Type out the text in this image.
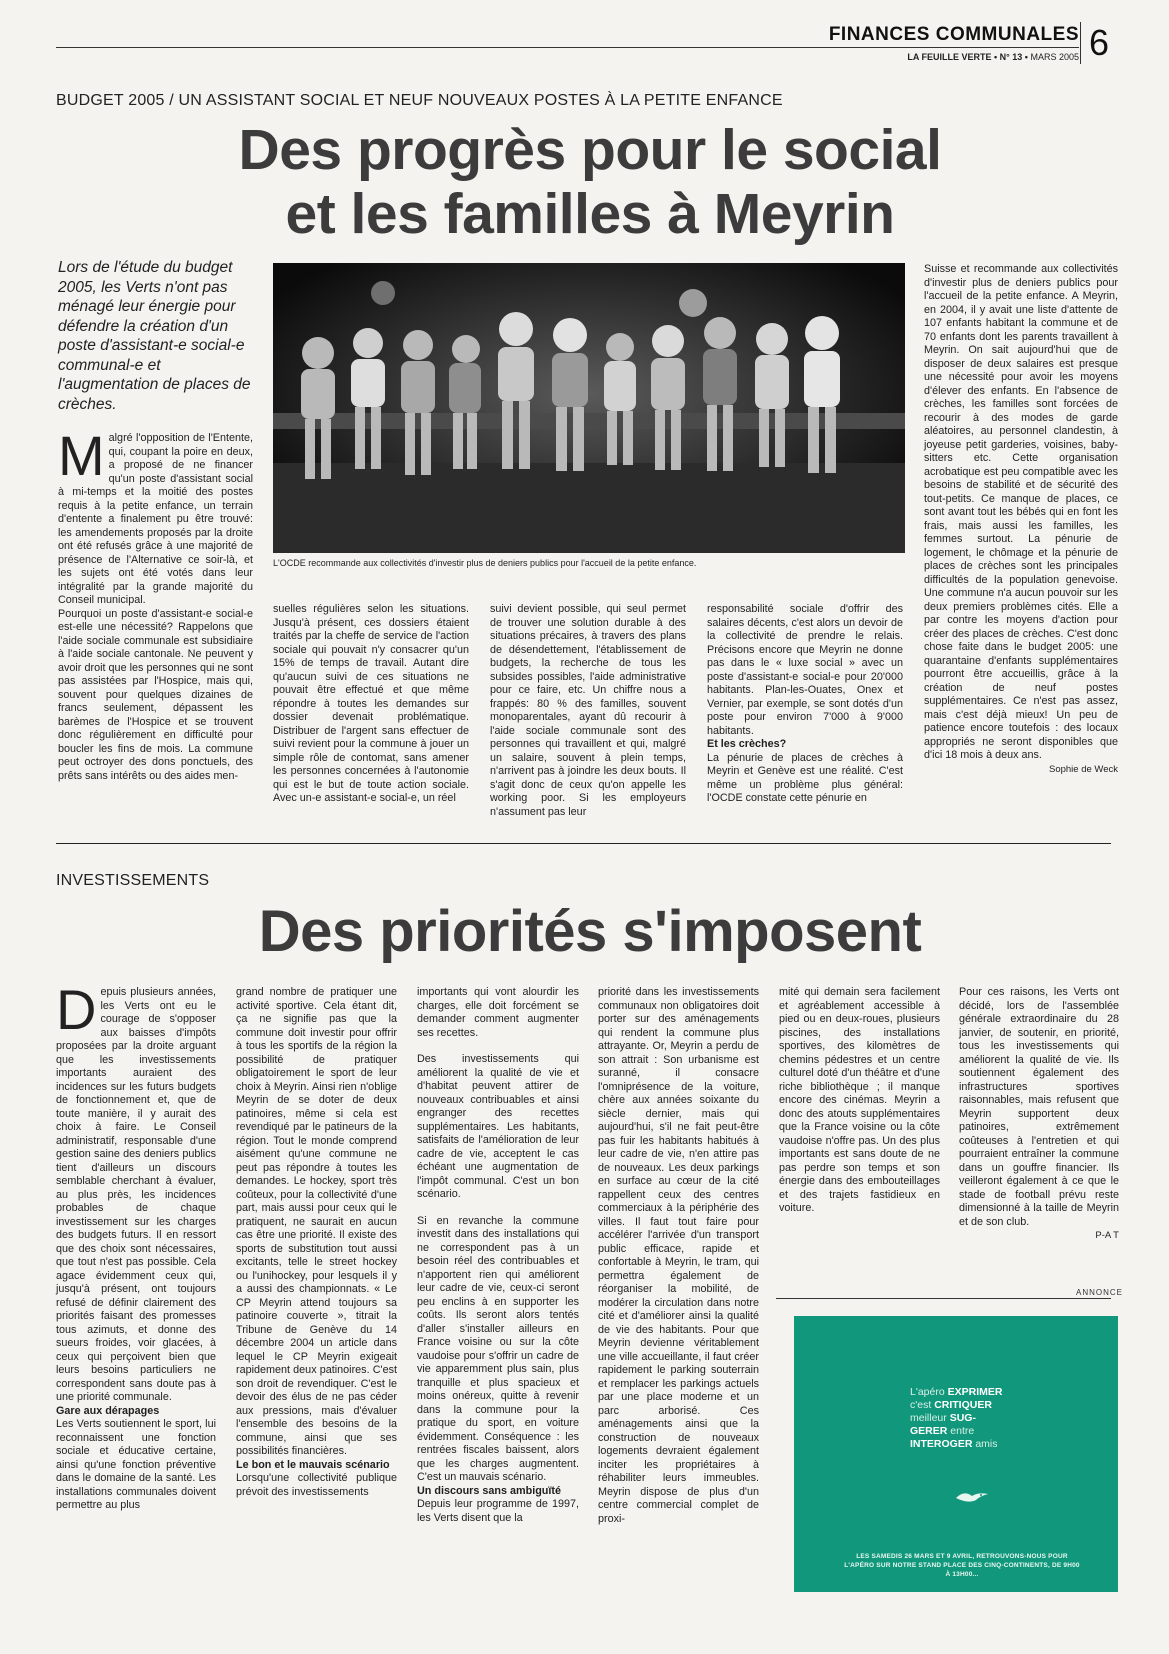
FINANCES COMMUNALES
LA FEUILLE VERTE • N° 13 • MARS 2005 6
BUDGET 2005 / UN ASSISTANT SOCIAL ET NEUF NOUVEAUX POSTES À LA PETITE ENFANCE
Des progrès pour le social
et les familles à Meyrin
Lors de l'étude du budget 2005, les Verts n'ont pas ménagé leur énergie pour défendre la création d'un poste d'assistant-e social-e communal-e et l'augmentation de places de crèches.
L'OCDE recommande aux collectivités d'investir plus de deniers publics pour l'accueil de la petite enfance.

Malgré l'opposition de l'Entente, qui, coupant la poire en deux, a proposé de ne financer qu'un poste d'assistant social à mi-temps et la moitié des postes requis à la petite enfance, un terrain d'entente a finalement pu être trouvé: les amendements proposés par la droite ont été refusés grâce à une majorité de présence de l'Alternative ce soir-là, et les sujets ont été votés dans leur intégralité par la grande majorité du Conseil municipal.

Pourquoi un poste d'assistant-e social-e est-elle une nécessité? Rappelons que l'aide sociale communale est subsidiaire à l'aide sociale cantonale. Ne peuvent y avoir droit que les personnes qui ne sont pas assistées par l'Hospice, mais qui, souvent pour quelques dizaines de francs seulement, dépassent les barèmes de l'Hospice et se trouvent donc régulièrement en difficulté pour boucler les fins de mois. La commune peut octroyer des dons ponctuels, des prêts sans intérêts ou des aides men-

suelles régulières selon les situations. Jusqu'à présent, ces dossiers étaient traités par la cheffe de service de l'action sociale qui pouvait n'y consacrer qu'un 15% de temps de travail. Autant dire qu'aucun suivi de ces situations ne pouvait être effectué et que même répondre à toutes les demandes sur dossier devenait problématique. Distribuer de l'argent sans effectuer de suivi revient pour la commune à jouer un simple rôle de contomat, sans amener les personnes concernées à l'autonomie qui est le but de toute action sociale. Avec un-e assistant-e social-e, un réel

suivi devient possible, qui seul permet de trouver une solution durable à des situations précaires, à travers des plans de désendettement, l'établissement de budgets, la recherche de tous les subsides possibles, l'aide administrative pour ce faire, etc. Un chiffre nous a frappés: 80 % des familles, souvent monoparentales, ayant dû recourir à l'aide sociale communale sont des personnes qui travaillent et qui, malgré un salaire, souvent à plein temps, n'arrivent pas à joindre les deux bouts. Il s'agit donc de ceux qu'on appelle les working poor. Si les employeurs n'assument pas leur

responsabilité sociale d'offrir des salaires décents, c'est alors un devoir de la collectivité de prendre le relais. Précisons encore que Meyrin ne donne pas dans le « luxe social » avec un poste d'assistant-e social-e pour 20'000 habitants. Plan-les-Ouates, Onex et Vernier, par exemple, se sont dotés d'un poste pour environ 7'000 à 9'000 habitants.

Et les crèches?

La pénurie de places de crèches à Meyrin et Genève est une réalité. C'est même un problème plus général: l'OCDE constate cette pénurie en

Suisse et recommande aux collectivités d'investir plus de deniers publics pour l'accueil de la petite enfance. A Meyrin, en 2004, il y avait une liste d'attente de 107 enfants habitant la commune et de 70 enfants dont les parents travaillent à Meyrin. On sait aujourd'hui que de disposer de deux salaires est presque une nécessité pour avoir les moyens d'élever des enfants. En l'absence de crèches, les familles sont forcées de recourir à des modes de garde aléatoires, au personnel clandestin, à joyeuse petit garderies, voisines, baby-sitters etc. Cette organisation acrobatique est peu compatible avec les besoins de stabilité et de sécurité des tout-petits. Ce manque de places, ce sont avant tout les bébés qui en font les frais, mais aussi les familles, les femmes surtout. La pénurie de logement, le chômage et la pénurie de places de crèches sont les principales difficultés de la population genevoise. Une commune n'a aucun pouvoir sur les deux premiers problèmes cités. Elle a par contre les moyens d'action pour créer des places de crèches. C'est donc chose faite dans le budget 2005: une quarantaine d'enfants supplémentaires pourront être accueillis, grâce à la création de neuf postes supplémentaires. Ce n'est pas assez, mais c'est déjà mieux! Un peu de patience encore toutefois : des locaux appropriés ne seront disponibles que d'ici 18 mois à deux ans.

Sophie de Weck

INVESTISSEMENTS
Des priorités s'imposent

Depuis plusieurs années, les Verts ont eu le courage de s'opposer aux baisses d'impôts proposées par la droite arguant que les investissements importants auraient des incidences sur les futurs budgets de fonctionnement et, que de toute manière, il y aurait des choix à faire. Le Conseil administratif, responsable d'une gestion saine des deniers publics tient d'ailleurs un discours semblable cherchant à évaluer, au plus près, les incidences probables de chaque investissement sur les charges des budgets futurs. Il en ressort que des choix sont nécessaires, que tout n'est pas possible. Cela agace évidemment ceux qui, jusqu'à présent, ont toujours refusé de définir clairement des priorités faisant des promesses tous azimuts, et donne des sueurs froides, voir glacées, à ceux qui perçoivent bien que leurs besoins particuliers ne correspondent sans doute pas à une priorité communale.

Gare aux dérapages

Les Verts soutiennent le sport, lui reconnaissent une fonction sociale et éducative certaine, ainsi qu'une fonction préventive dans le domaine de la santé. Les installations communales doivent permettre au plus

grand nombre de pratiquer une activité sportive. Cela étant dit, ça ne signifie pas que la commune doit investir pour offrir à tous les sportifs de la région la possibilité de pratiquer obligatoirement le sport de leur choix à Meyrin. Ainsi rien n'oblige Meyrin de se doter de deux patinoires, même si cela est revendiqué par le patineurs de la région. Tout le monde comprend aisément qu'une commune ne peut pas répondre à toutes les demandes. Le hockey, sport très coûteux, pour la collectivité d'une part, mais aussi pour ceux qui le pratiquent, ne saurait en aucun cas être une priorité. Il existe des sports de substitution tout aussi excitants, telle le street hockey ou l'unihockey, pour lesquels il y a aussi des championnats. « Le CP Meyrin attend toujours sa patinoire couverte », titrait la Tribune de Genève du 14 décembre 2004 un article dans lequel le CP Meyrin exigeait rapidement deux patinoires. C'est son droit de revendiquer. C'est le devoir des élus de ne pas céder aux pressions, mais d'évaluer l'ensemble des besoins de la commune, ainsi que ses possibilités financières.

Le bon et le mauvais scénario

Lorsqu'une collectivité publique prévoit des investissements

importants qui vont alourdir les charges, elle doit forcément se demander comment augmenter ses recettes.

Des investissements qui améliorent la qualité de vie et d'habitat peuvent attirer de nouveaux contribuables et ainsi engranger des recettes supplémentaires. Les habitants, satisfaits de l'amélioration de leur cadre de vie, acceptent le cas échéant une augmentation de l'impôt communal. C'est un bon scénario.

Si en revanche la commune investit dans des installations qui ne correspondent pas à un besoin réel des contribuables et n'apportent rien qui améliorent leur cadre de vie, ceux-ci seront peu enclins à en supporter les coûts. Ils seront alors tentés d'aller s'installer ailleurs en France voisine ou sur la côte vaudoise pour s'offrir un cadre de vie apparemment plus sain, plus tranquille et plus spacieux et moins onéreux, quitte à revenir dans la commune pour la pratique du sport, en voiture évidemment. Conséquence : les rentrées fiscales baissent, alors que les charges augmentent. C'est un mauvais scénario.

Un discours sans ambiguïté

Depuis leur programme de 1997, les Verts disent que la

priorité dans les investissements communaux non obligatoires doit porter sur des aménagements qui rendent la commune plus attrayante. Or, Meyrin a perdu de son attrait : Son urbanisme est suranné, il consacre l'omniprésence de la voiture, chère aux années soixante du siècle dernier, mais qui aujourd'hui, s'il ne fait peut-être pas fuir les habitants habitués à leur cadre de vie, n'en attire pas de nouveaux. Les deux parkings en surface au cœur de la cité rappellent ceux des centres commerciaux à la périphérie des villes. Il faut tout faire pour accélérer l'arrivée d'un transport public efficace, rapide et confortable à Meyrin, le tram, qui permettra également de réorganiser la mobilité, de modérer la circulation dans notre cité et d'améliorer ainsi la qualité de vie des habitants. Pour que Meyrin devienne véritablement une ville accueillante, il faut créer rapidement le parking souterrain et remplacer les parkings actuels par une place moderne et un parc arborisé. Ces aménagements ainsi que la construction de nouveaux logements devraient également inciter les propriétaires à réhabiliter leurs immeubles. Meyrin dispose de plus d'un centre commercial complet de proxi-

mité qui demain sera facilement et agréablement accessible à pied ou en deux-roues, plusieurs piscines, des installations sportives, des kilomètres de chemins pédestres et un centre culturel doté d'un théâtre et d'une riche bibliothèque ; il manque encore des cinémas. Meyrin a donc des atouts supplémentaires que la France voisine ou la côte vaudoise n'offre pas. Un des plus importants est sans doute de ne pas perdre son temps et son énergie dans des embouteillages et des trajets fastidieux en voiture.

Pour ces raisons, les Verts ont décidé, lors de l'assemblée générale extraordinaire du 28 janvier, de soutenir, en priorité, tous les investissements qui améliorent la qualité de vie. Ils soutiennent également des infrastructures sportives raisonnables, mais refusent que Meyrin supportent deux patinoires, extrêmement coûteuses à l'entretien et qui pourraient entraîner la commune dans un gouffre financier. Ils veilleront également à ce que le stade de football prévu reste dimensionné à la taille de Meyrin et de son club.

P-A T

ANNONCE
L'apéro EXPRIMER
c'est CRITIQUER
meilleur SUG-
GERER entre
INTEROGER amis
LES SAMEDIS 26 MARS ET 9 AVRIL, RETROUVONS-NOUS POUR L'APÉRO SUR NOTRE STAND PLACE DES CINQ-CONTINENTS, DE 9H00 À 13H00...
